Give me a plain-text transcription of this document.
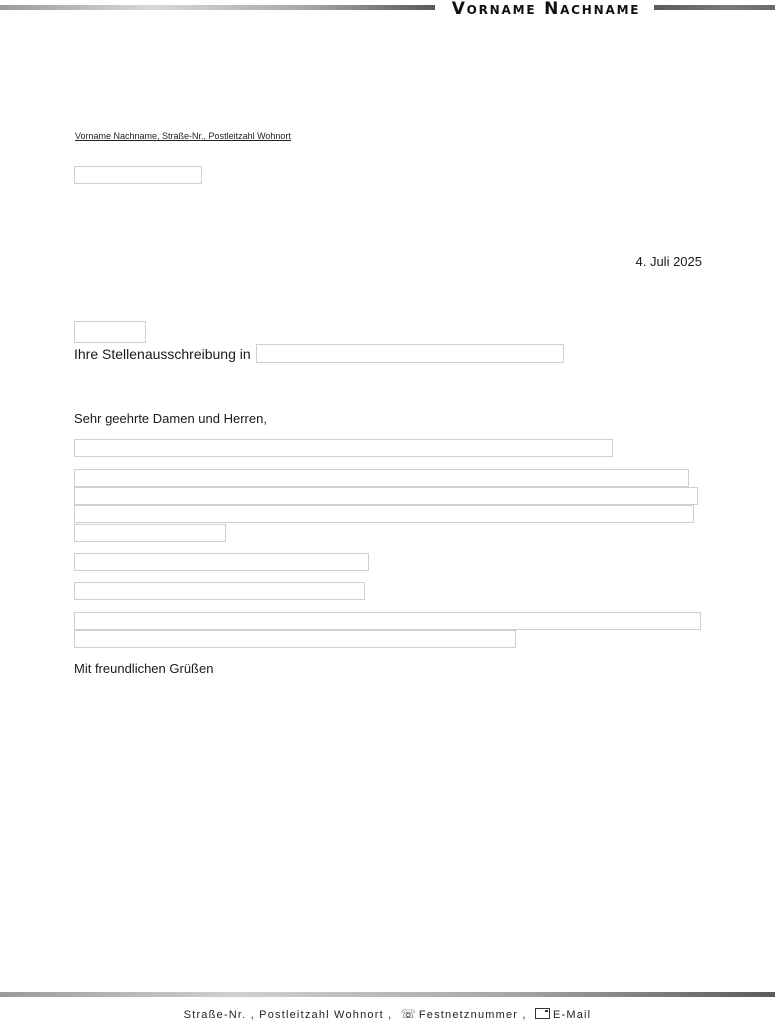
Vorname Nachname
Vorname Nachname, Straße-Nr., Postleitzahl Wohnort
4. Juli 2025
Ihre Stellenausschreibung in
Sehr geehrte Damen und Herren,
Mit freundlichen Grüßen
Straße-Nr. , Postleitzahl Wohnort , ☏ Festnetznummer , E-Mail
